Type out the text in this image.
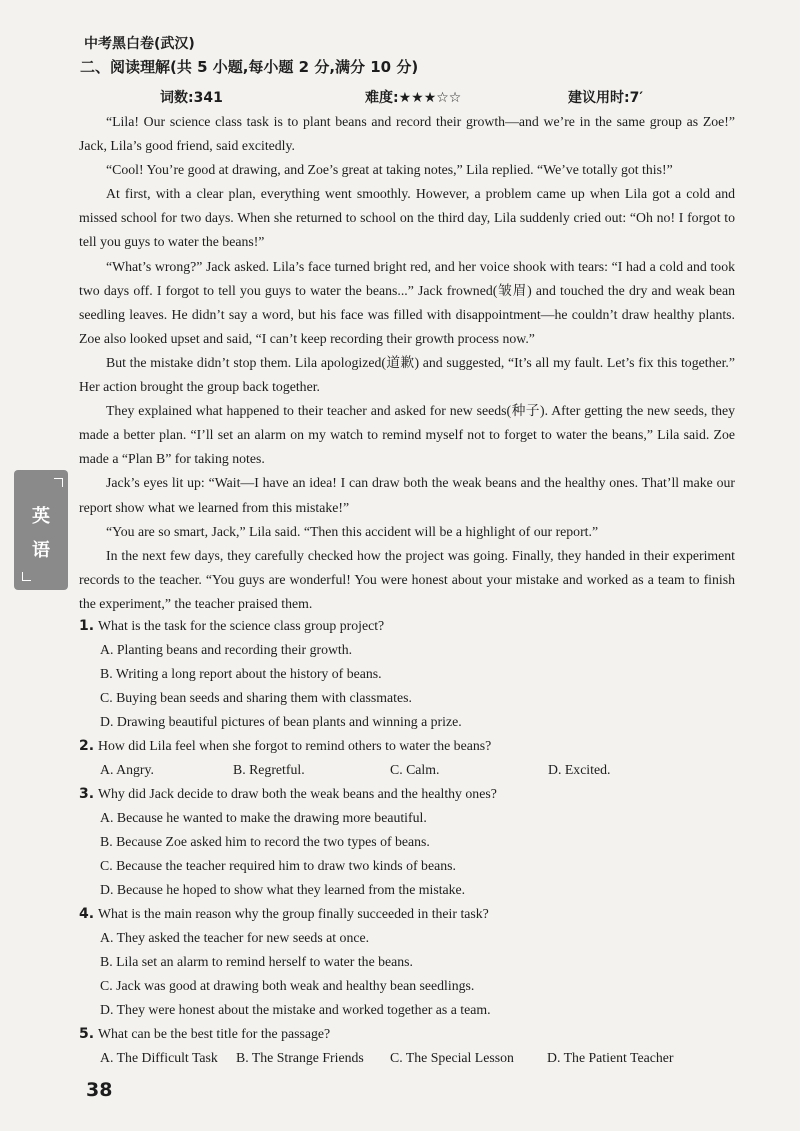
中考黑白卷(武汉)
二、阅读理解(共 5 小题,每小题 2 分,满分 10 分)
词数:341	难度:★★★☆☆	建议用时:7′

“Lila! Our science class task is to plant beans and record their growth—and we’re in the same group as Zoe!” Jack, Lila’s good friend, said excitedly.

“Cool! You’re good at drawing, and Zoe’s great at taking notes,” Lila replied. “We’ve totally got this!”

At first, with a clear plan, everything went smoothly. However, a problem came up when Lila got a cold and missed school for two days. When she returned to school on the third day, Lila suddenly cried out: “Oh no! I forgot to tell you guys to water the beans!”

“What’s wrong?” Jack asked. Lila’s face turned bright red, and her voice shook with tears: “I had a cold and took two days off. I forgot to tell you guys to water the beans...” Jack frowned(皱眉) and touched the dry and weak bean seedling leaves. He didn’t say a word, but his face was filled with disappointment—he couldn’t draw healthy plants. Zoe also looked upset and said, “I can’t keep recording their growth process now.”

But the mistake didn’t stop them. Lila apologized(道歉) and suggested, “It’s all my fault. Let’s fix this together.” Her action brought the group back together.

They explained what happened to their teacher and asked for new seeds(种子). After getting the new seeds, they made a better plan. “I’ll set an alarm on my watch to remind myself not to forget to water the beans,” Lila said. Zoe made a “Plan B” for taking notes.

Jack’s eyes lit up: “Wait—I have an idea! I can draw both the weak beans and the healthy ones. That’ll make our report show what we learned from this mistake!”

“You are so smart, Jack,” Lila said. “Then this accident will be a highlight of our report.”

In the next few days, they carefully checked how the project was going. Finally, they handed in their experiment records to the teacher. “You guys are wonderful! You were honest about your mistake and worked as a team to finish the experiment,” the teacher praised them.

英
语
1. What is the task for the science class group project?
A. Planting beans and recording their growth.
B. Writing a long report about the history of beans.
C. Buying bean seeds and sharing them with classmates.
D. Drawing beautiful pictures of bean plants and winning a prize.
2. How did Lila feel when she forgot to remind others to water the beans?
A. Angry.	B. Regretful.	C. Calm.	D. Excited.
3. Why did Jack decide to draw both the weak beans and the healthy ones?
A. Because he wanted to make the drawing more beautiful.
B. Because Zoe asked him to record the two types of beans.
C. Because the teacher required him to draw two kinds of beans.
D. Because he hoped to show what they learned from the mistake.
4. What is the main reason why the group finally succeeded in their task?
A. They asked the teacher for new seeds at once.
B. Lila set an alarm to remind herself to water the beans.
C. Jack was good at drawing both weak and healthy bean seedlings.
D. They were honest about the mistake and worked together as a team.
5. What can be the best title for the passage?
A. The Difficult Task B. The Strange Friends C. The Special Lesson D. The Patient Teacher
38
